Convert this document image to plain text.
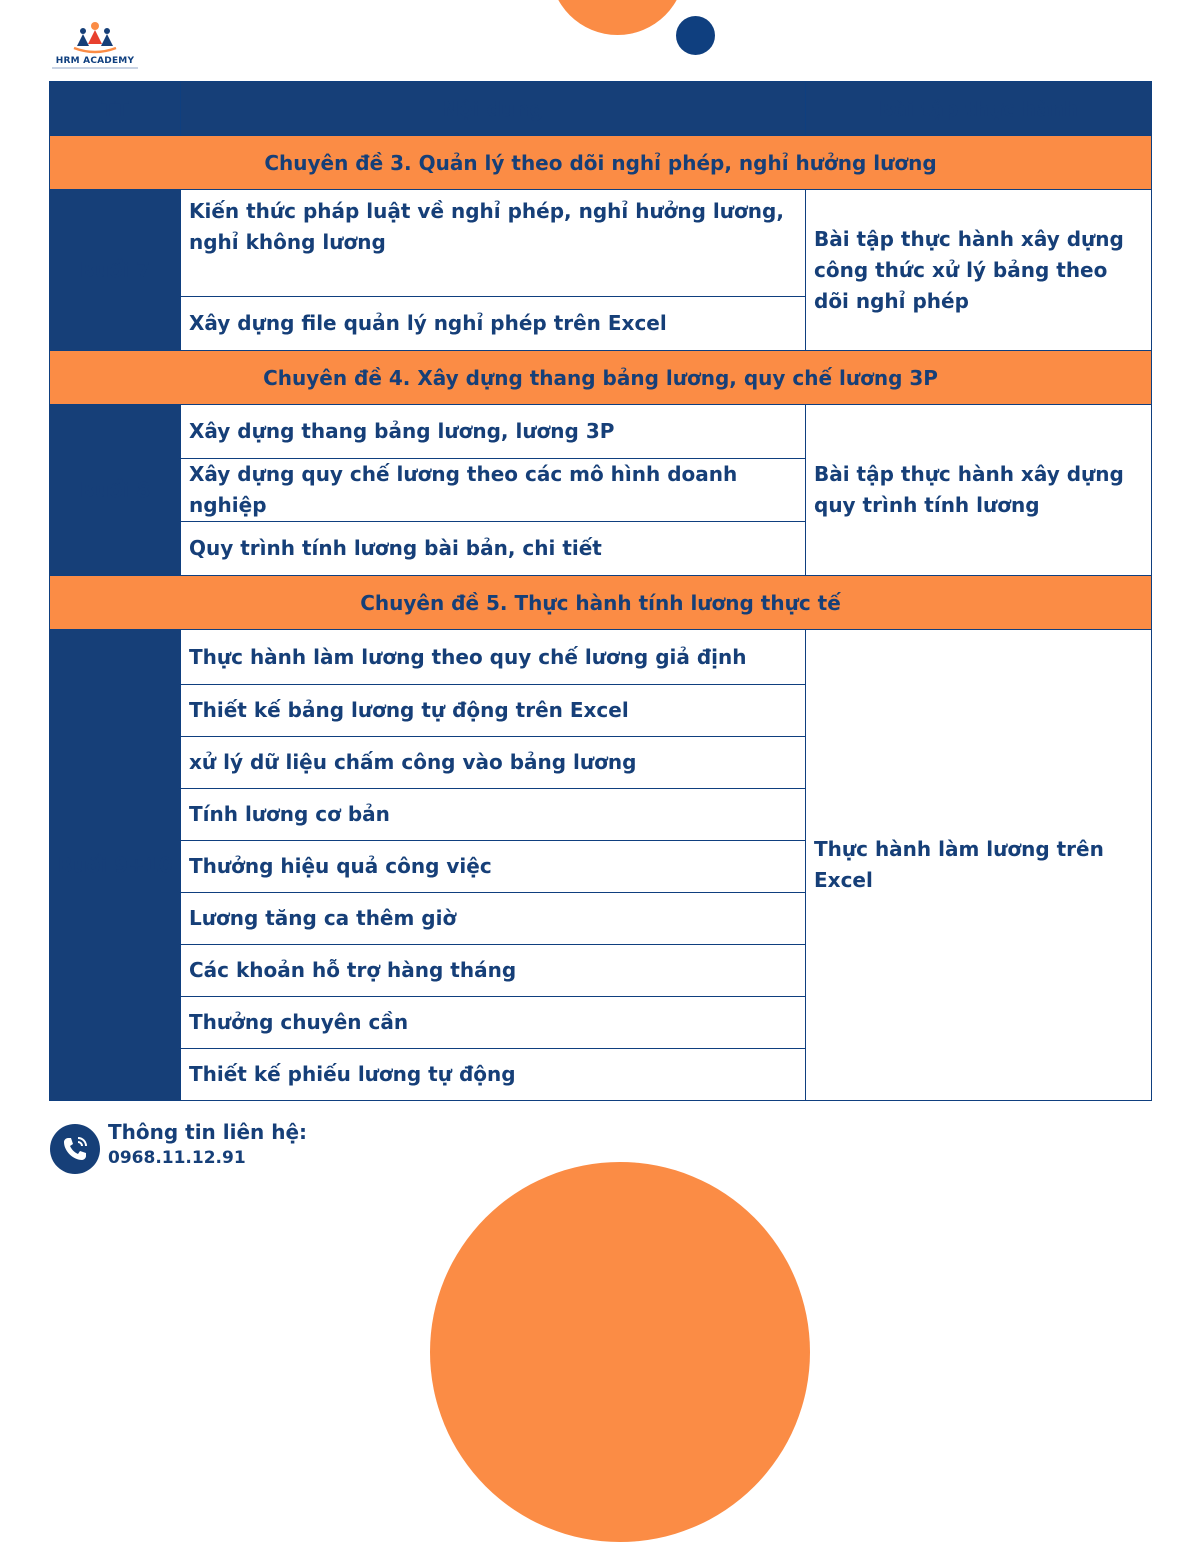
HRM ACADEMY
TT	Nội dung	Bài tập thực hành
Chuyên đề 3. Quản lý theo dõi nghỉ phép, nghỉ hưởng lương		
Buổi 7	Kiến thức pháp luật về nghỉ phép, nghỉ hưởng lương, nghỉ không lương	Bài tập thực hành xây dựng công thức xử lý bảng theo dõi nghỉ phép
	Xây dựng file quản lý nghỉ phép trên Excel	
Chuyên đề 4. Xây dựng thang bảng lương, quy chế lương 3P		
Buổi 8	Xây dựng thang bảng lương, lương 3P	Bài tập thực hành xây dựng quy trình tính lương
	Xây dựng quy chế lương theo các mô hình doanh nghiệp	
	Quy trình tính lương bài bản, chi tiết	
Chuyên đề 5. Thực hành tính lương thực tế		
Buổi 9+10	Thực hành làm lương theo quy chế lương giả định	Thực hành làm lương trên Excel
	Thiết kế bảng lương tự động trên Excel	
	xử lý dữ liệu chấm công vào bảng lương	
	Tính lương cơ bản	
	Thưởng hiệu quả công việc	
	Lương tăng ca thêm giờ	
	Các khoản hỗ trợ hàng tháng	
	Thưởng chuyên cần	
	Thiết kế phiếu lương tự động	
Thông tin liên hệ:
0968.11.12.91
